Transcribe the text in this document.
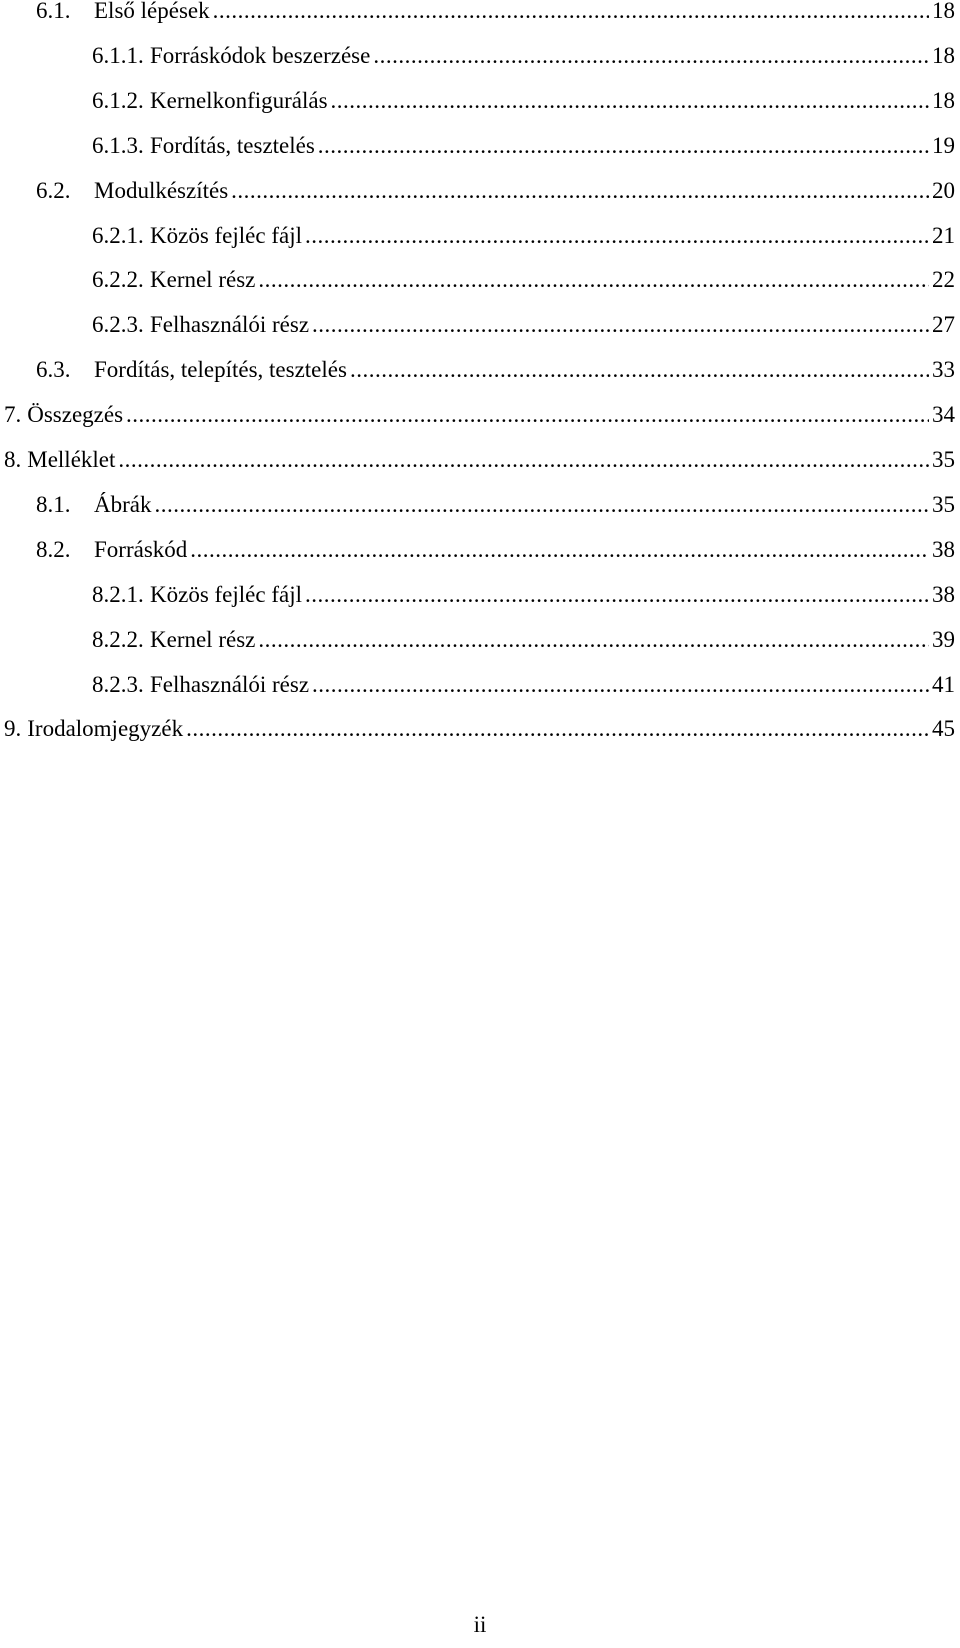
6.1.	Első lépések .....	18
6.1.1. Forráskódok beszerzése .....	18
6.1.2. Kernelkonfigurálás .....	18
6.1.3. Fordítás, tesztelés .....	19
6.2.	Modulkészítés .....	20
6.2.1. Közös fejléc fájl .....	21
6.2.2. Kernel rész .....	22
6.2.3. Felhasználói rész .....	27
6.3.	Fordítás, telepítés, tesztelés .....	33
7. Összegzés .....	34
8. Melléklet .....	35
8.1.	Ábrák .....	35
8.2.	Forráskód .....	38
8.2.1. Közös fejléc fájl .....	38
8.2.2. Kernel rész .....	39
8.2.3. Felhasználói rész .....	41
9. Irodalomjegyzék .....	45
ii
